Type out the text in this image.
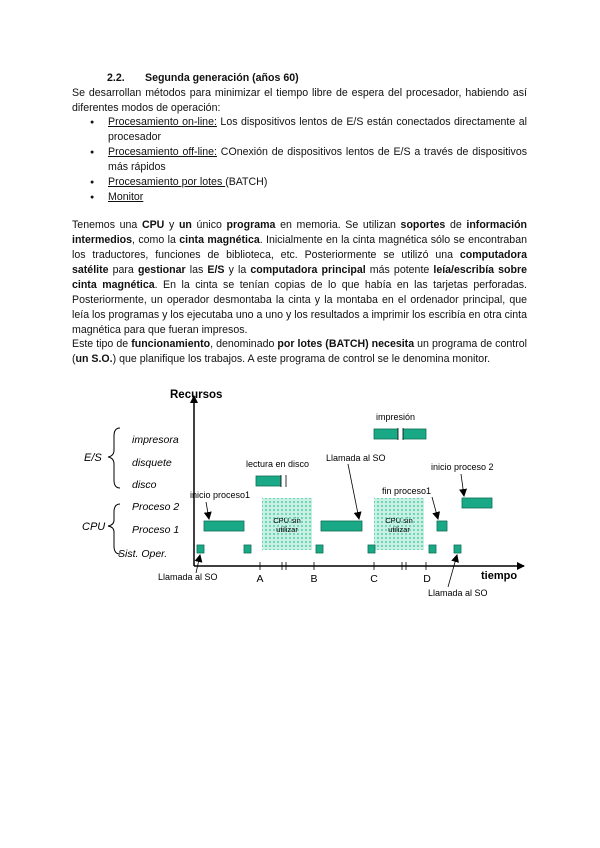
2.2. Segunda generación (años 60)

Se desarrollan métodos para minimizar el tiempo libre de espera del procesador, habiendo así diferentes modos de operación:

● Procesamiento on-line: Los dispositivos lentos de E/S están conectados directamente al procesador
● Procesamiento off-line: COnexión de dispositivos lentos de E/S a través de dispositivos más rápidos
● Procesamiento por lotes (BATCH)
● Monitor

Tenemos una CPU y un único programa en memoria. Se utilizan soportes de información intermedios, como la cinta magnética. Inicialmente en la cinta magnética sólo se encontraban los traductores, funciones de biblioteca, etc. Posteriormente se utilizó una computadora satélite para gestionar las E/S y la computadora principal más potente leía/escribía sobre cinta magnética. En la cinta se tenían copias de lo que había en las tarjetas perforadas. Posteriormente, un operador desmontaba la cinta y la montaba en el ordenador principal, que leía los programas y los ejecutaba uno a uno y los resultados a imprimir los escribía en otra cinta magnética para que fueran impresos.

Este tipo de funcionamiento, denominado por lotes (BATCH) necesita un programa de control (un S.O.) que planifique los trabajos. A este programa de control se le denomina monitor.

Recursos
tiempo
E/S
CPU
impresora
disquete
disco
Proceso 2
Proceso 1
Sist. Oper.
CPU sin
utilizar
CPU sin
utilizar
A	B	C	D
impresión
lectura en disco
Llamada al SO
inicio proceso1	fin proceso1
inicio proceso 2
Llamada al SO
Llamada al SO
